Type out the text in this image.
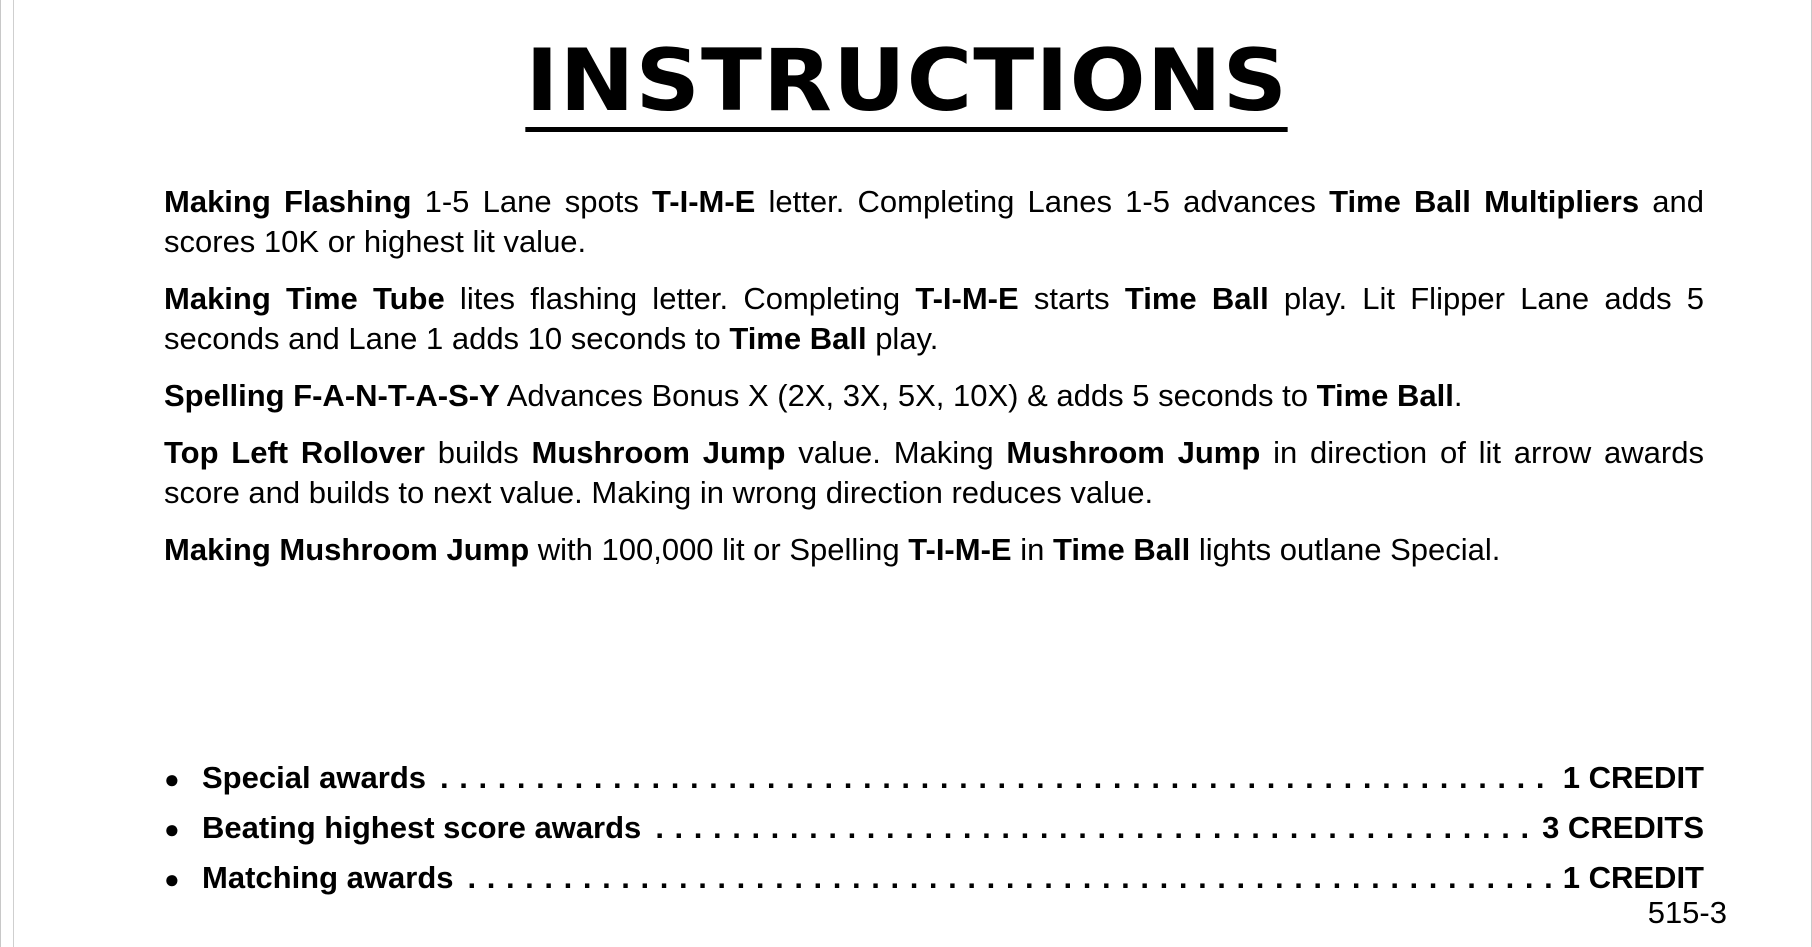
INSTRUCTIONS

Making Flashing 1-5 Lane spots T-I-M-E letter. Completing Lanes 1-5 advances Time Ball Multipliers and scores 10K or highest lit value.

Making Time Tube lites flashing letter. Completing T-I-M-E starts Time Ball play. Lit Flipper Lane adds 5 seconds and Lane 1 adds 10 seconds to Time Ball play.

Spelling F-A-N-T-A-S-Y Advances Bonus X (2X, 3X, 5X, 10X) & adds 5 seconds to Time Ball.

Top Left Rollover builds Mushroom Jump value. Making Mushroom Jump in direction of lit arrow awards score and builds to next value. Making in wrong direction reduces value.

Making Mushroom Jump with 100,000 lit or Spelling T-I-M-E in Time Ball lights outlane Special.

● Special awards . . .	1 CREDIT
● Beating highest score awards . . .	3 CREDITS
● Matching awards . . .	1 CREDIT
515-3
